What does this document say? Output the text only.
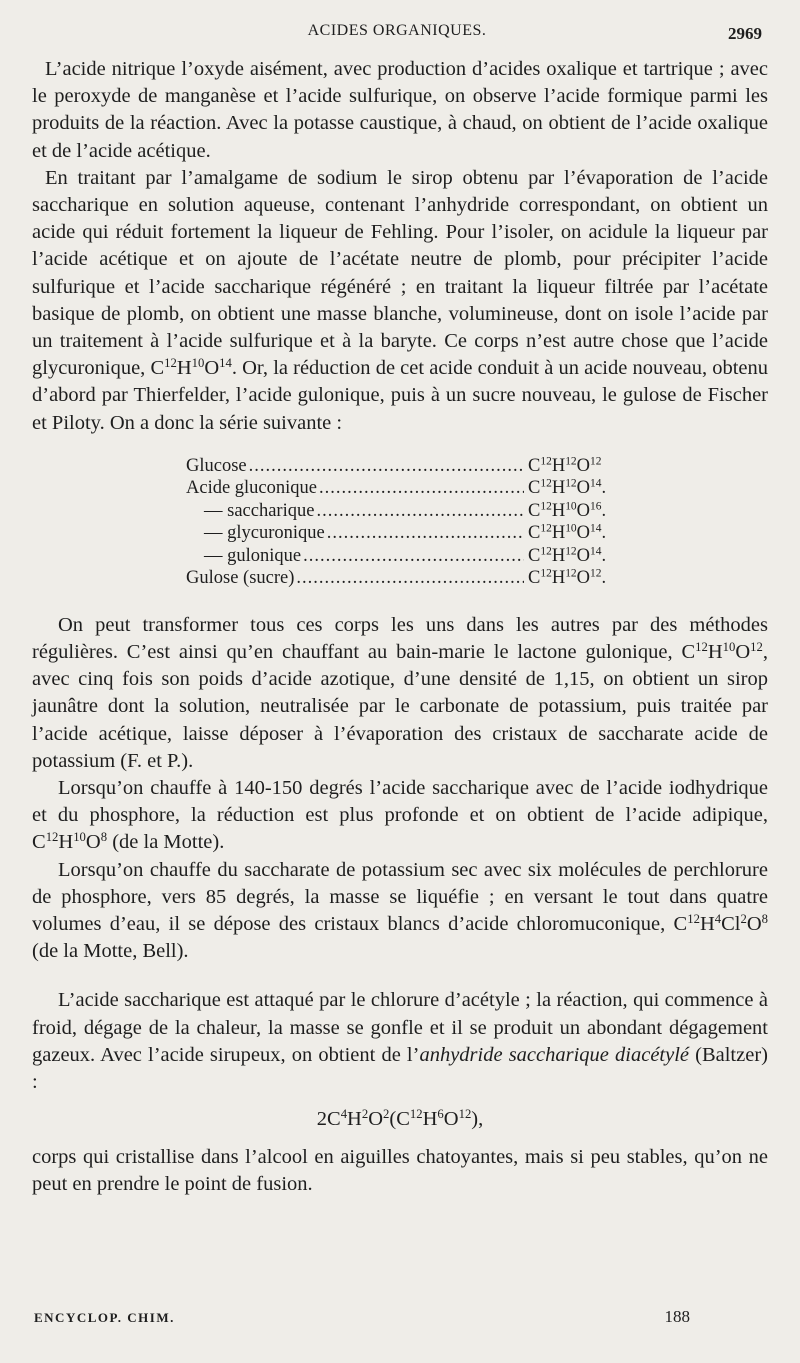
ACIDES ORGANIQUES.	2969

L’acide nitrique l’oxyde aisément, avec production d’acides oxalique et tartrique ; avec le peroxyde de manganèse et l’acide sulfurique, on observe l’acide formique parmi les produits de la réaction. Avec la potasse caustique, à chaud, on obtient de l’acide oxalique et de l’acide acétique.

En traitant par l’amalgame de sodium le sirop obtenu par l’évaporation de l’acide saccharique en solution aqueuse, contenant l’anhydride correspondant, on obtient un acide qui réduit fortement la liqueur de Fehling. Pour l’isoler, on acidule la liqueur par l’acide acétique et on ajoute de l’acétate neutre de plomb, pour précipiter l’acide sulfurique et l’acide saccharique régénéré ; en traitant la liqueur filtrée par l’acétate basique de plomb, on obtient une masse blanche, volumineuse, dont on isole l’acide par un traitement à l’acide sulfurique et à la baryte. Ce corps n’est autre chose que l’acide glycuronique, $C^{12}H^{10}O^{14}$. Or, la réduction de cet acide conduit à un acide nouveau, obtenu d’abord par Thierfelder, l’acide gulonique, puis à un sucre nouveau, le gulose de Fischer et Piloty. On a donc la série suivante :

Glucose .....	$C^{12}H^{12}O^{12}$
Acide gluconique .....	$C^{12}H^{12}O^{14}$.
— saccharique .....	$C^{12}H^{10}O^{16}$.
— glycuronique .....	$C^{12}H^{10}O^{14}$.
— gulonique .....	$C^{12}H^{12}O^{14}$.
Gulose (sucre) .....	$C^{12}H^{12}O^{12}$.

On peut transformer tous ces corps les uns dans les autres par des méthodes régulières. C’est ainsi qu’en chauffant au bain-marie le lactone gulonique, $C^{12}H^{10}O^{12}$, avec cinq fois son poids d’acide azotique, d’une densité de 1,15, on obtient un sirop jaunâtre dont la solution, neutralisée par le carbonate de potassium, puis traitée par l’acide acétique, laisse déposer à l’évaporation des cristaux de saccharate acide de potassium (F. et P.).

Lorsqu’on chauffe à 140-150 degrés l’acide saccharique avec de l’acide iodhydrique et du phosphore, la réduction est plus profonde et on obtient de l’acide adipique, $C^{12}H^{10}O^8$ (de la Motte).

Lorsqu’on chauffe du saccharate de potassium sec avec six molécules de perchlorure de phosphore, vers 85 degrés, la masse se liquéfie ; en versant le tout dans quatre volumes d’eau, il se dépose des cristaux blancs d’acide chloromuconique, $C^{12}H^4Cl^2O^8$ (de la Motte, Bell).

L’acide saccharique est attaqué par le chlorure d’acétyle ; la réaction, qui commence à froid, dégage de la chaleur, la masse se gonfle et il se produit un abondant dégagement gazeux. Avec l’acide sirupeux, on obtient de l’anhydride saccharique diacétylé (Baltzer) :

$2C^4H^2O^2(C^{12}H^6O^{12})$,

corps qui cristallise dans l’alcool en aiguilles chatoyantes, mais si peu stables, qu’on ne peut en prendre le point de fusion.

ENCYCLOP. CHIM.	188
